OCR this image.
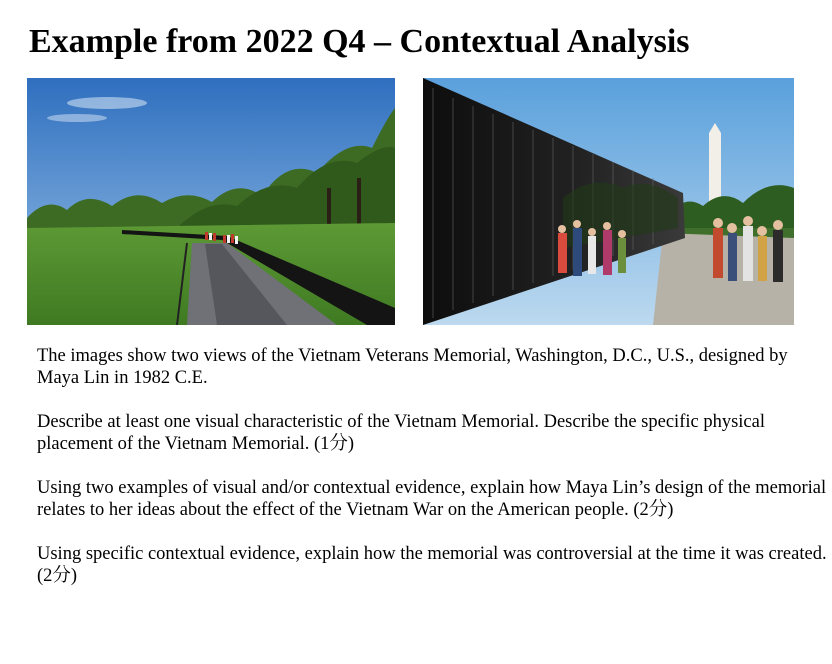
Example from 2022 Q4 – Contextual Analysis

The images show two views of the Vietnam Veterans Memorial, Washington, D.C., U.S., designed by Maya Lin in 1982 C.E.

Describe at least one visual characteristic of the Vietnam Memorial. Describe the specific physical placement of the Vietnam Memorial. (1分)

Using two examples of visual and/or contextual evidence, explain how Maya Lin’s design of the memorial relates to her ideas about the effect of the Vietnam War on the American people. (2分)

Using specific contextual evidence, explain how the memorial was controversial at the time it was created. (2分)
